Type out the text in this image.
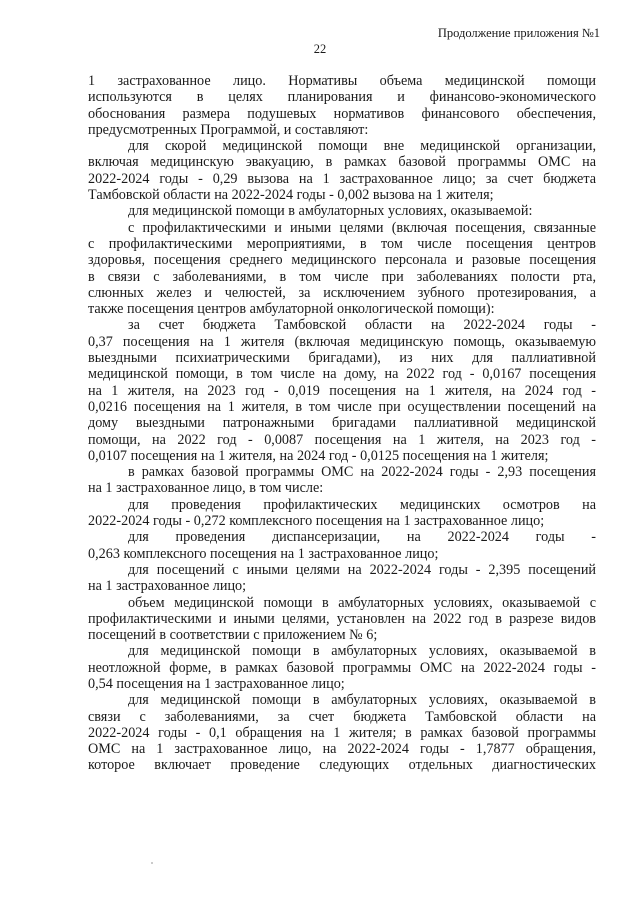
Продолжение приложения №1
22
1 застрахованное лицо. Нормативы объема медицинской помощи
используются в целях планирования и финансово-экономического
обоснования размера подушевых нормативов финансового обеспечения,
предусмотренных Программой, и составляют:
для скорой медицинской помощи вне медицинской организации,
включая медицинскую эвакуацию, в рамках базовой программы ОМС на
2022-2024 годы - 0,29 вызова на 1 застрахованное лицо; за счет бюджета
Тамбовской области на 2022-2024 годы - 0,002 вызова на 1 жителя;
для медицинской помощи в амбулаторных условиях, оказываемой:
с профилактическими и иными целями (включая посещения, связанные
с профилактическими мероприятиями, в том числе посещения центров
здоровья, посещения среднего медицинского персонала и разовые посещения
в связи с заболеваниями, в том числе при заболеваниях полости рта,
слюнных желез и челюстей, за исключением зубного протезирования, а
также посещения центров амбулаторной онкологической помощи):
за счет бюджета Тамбовской области на 2022-2024 годы -
0,37 посещения на 1 жителя (включая медицинскую помощь, оказываемую
выездными психиатрическими бригадами), из них для паллиативной
медицинской помощи, в том числе на дому, на 2022 год - 0,0167 посещения
на 1 жителя, на 2023 год - 0,019 посещения на 1 жителя, на 2024 год -
0,0216 посещения на 1 жителя, в том числе при осуществлении посещений на
дому выездными патронажными бригадами паллиативной медицинской
помощи, на 2022 год - 0,0087 посещения на 1 жителя, на 2023 год -
0,0107 посещения на 1 жителя, на 2024 год - 0,0125 посещения на 1 жителя;
в рамках базовой программы ОМС на 2022-2024 годы - 2,93 посещения
на 1 застрахованное лицо, в том числе:
для проведения профилактических медицинских осмотров на
2022-2024 годы - 0,272 комплексного посещения на 1 застрахованное лицо;
для проведения диспансеризации, на 2022-2024 годы -
0,263 комплексного посещения на 1 застрахованное лицо;
для посещений с иными целями на 2022-2024 годы - 2,395 посещений
на 1 застрахованное лицо;
объем медицинской помощи в амбулаторных условиях, оказываемой с
профилактическими и иными целями, установлен на 2022 год в разрезе видов
посещений в соответствии с приложением № 6;
для медицинской помощи в амбулаторных условиях, оказываемой в
неотложной форме, в рамках базовой программы ОМС на 2022-2024 годы -
0,54 посещения на 1 застрахованное лицо;
для медицинской помощи в амбулаторных условиях, оказываемой в
связи с заболеваниями, за счет бюджета Тамбовской области на
2022-2024 годы - 0,1 обращения на 1 жителя; в рамках базовой программы
ОМС на 1 застрахованное лицо, на 2022-2024 годы - 1,7877 обращения,
которое включает проведение следующих отдельных диагностических
